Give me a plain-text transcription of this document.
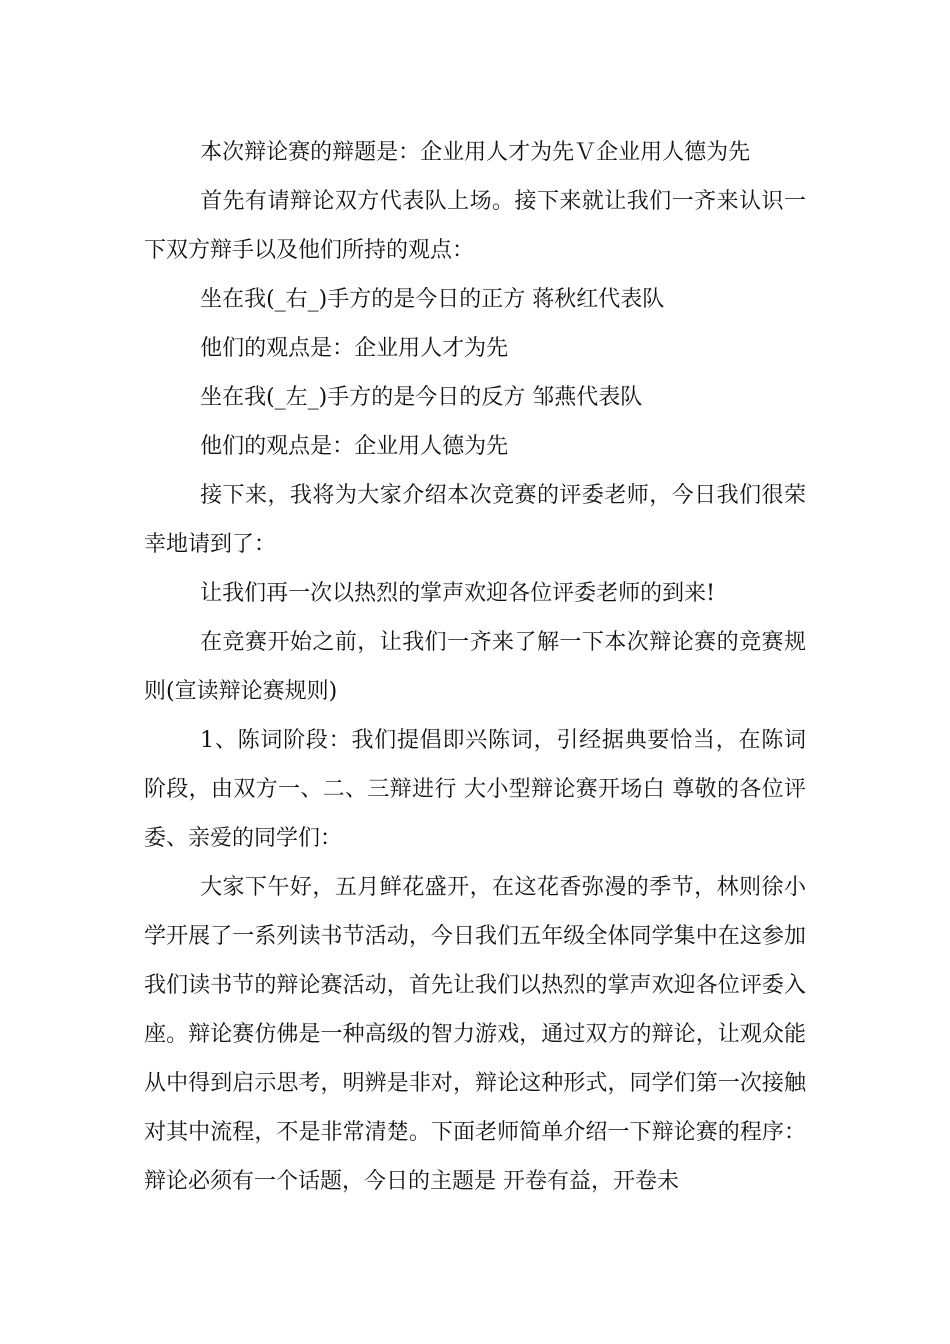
本次辩论赛的辩题是：企业用人才为先Ｖ企业用人德为先

首先有请辩论双方代表队上场。接下来就让我们一齐来认识一下双方辩手以及他们所持的观点：

坐在我(_右_)手方的是今日的正方 蒋秋红代表队

他们的观点是：企业用人才为先

坐在我(_左_)手方的是今日的反方 邹燕代表队

他们的观点是：企业用人德为先

接下来，我将为大家介绍本次竞赛的评委老师，今日我们很荣幸地请到了：

让我们再一次以热烈的掌声欢迎各位评委老师的到来!

在竞赛开始之前，让我们一齐来了解一下本次辩论赛的竞赛规则(宣读辩论赛规则)

1、陈词阶段：我们提倡即兴陈词，引经据典要恰当，在陈词阶段，由双方一、二、三辩进行 大小型辩论赛开场白 尊敬的各位评委、亲爱的同学们：

大家下午好，五月鲜花盛开，在这花香弥漫的季节，林则徐小学开展了一系列读书节活动，今日我们五年级全体同学集中在这参加我们读书节的辩论赛活动，首先让我们以热烈的掌声欢迎各位评委入座。辩论赛仿佛是一种高级的智力游戏，通过双方的辩论，让观众能从中得到启示思考，明辨是非对，辩论这种形式，同学们第一次接触对其中流程，不是非常清楚。下面老师简单介绍一下辩论赛的程序：辩论必须有一个话题，今日的主题是 开卷有益，开卷未
